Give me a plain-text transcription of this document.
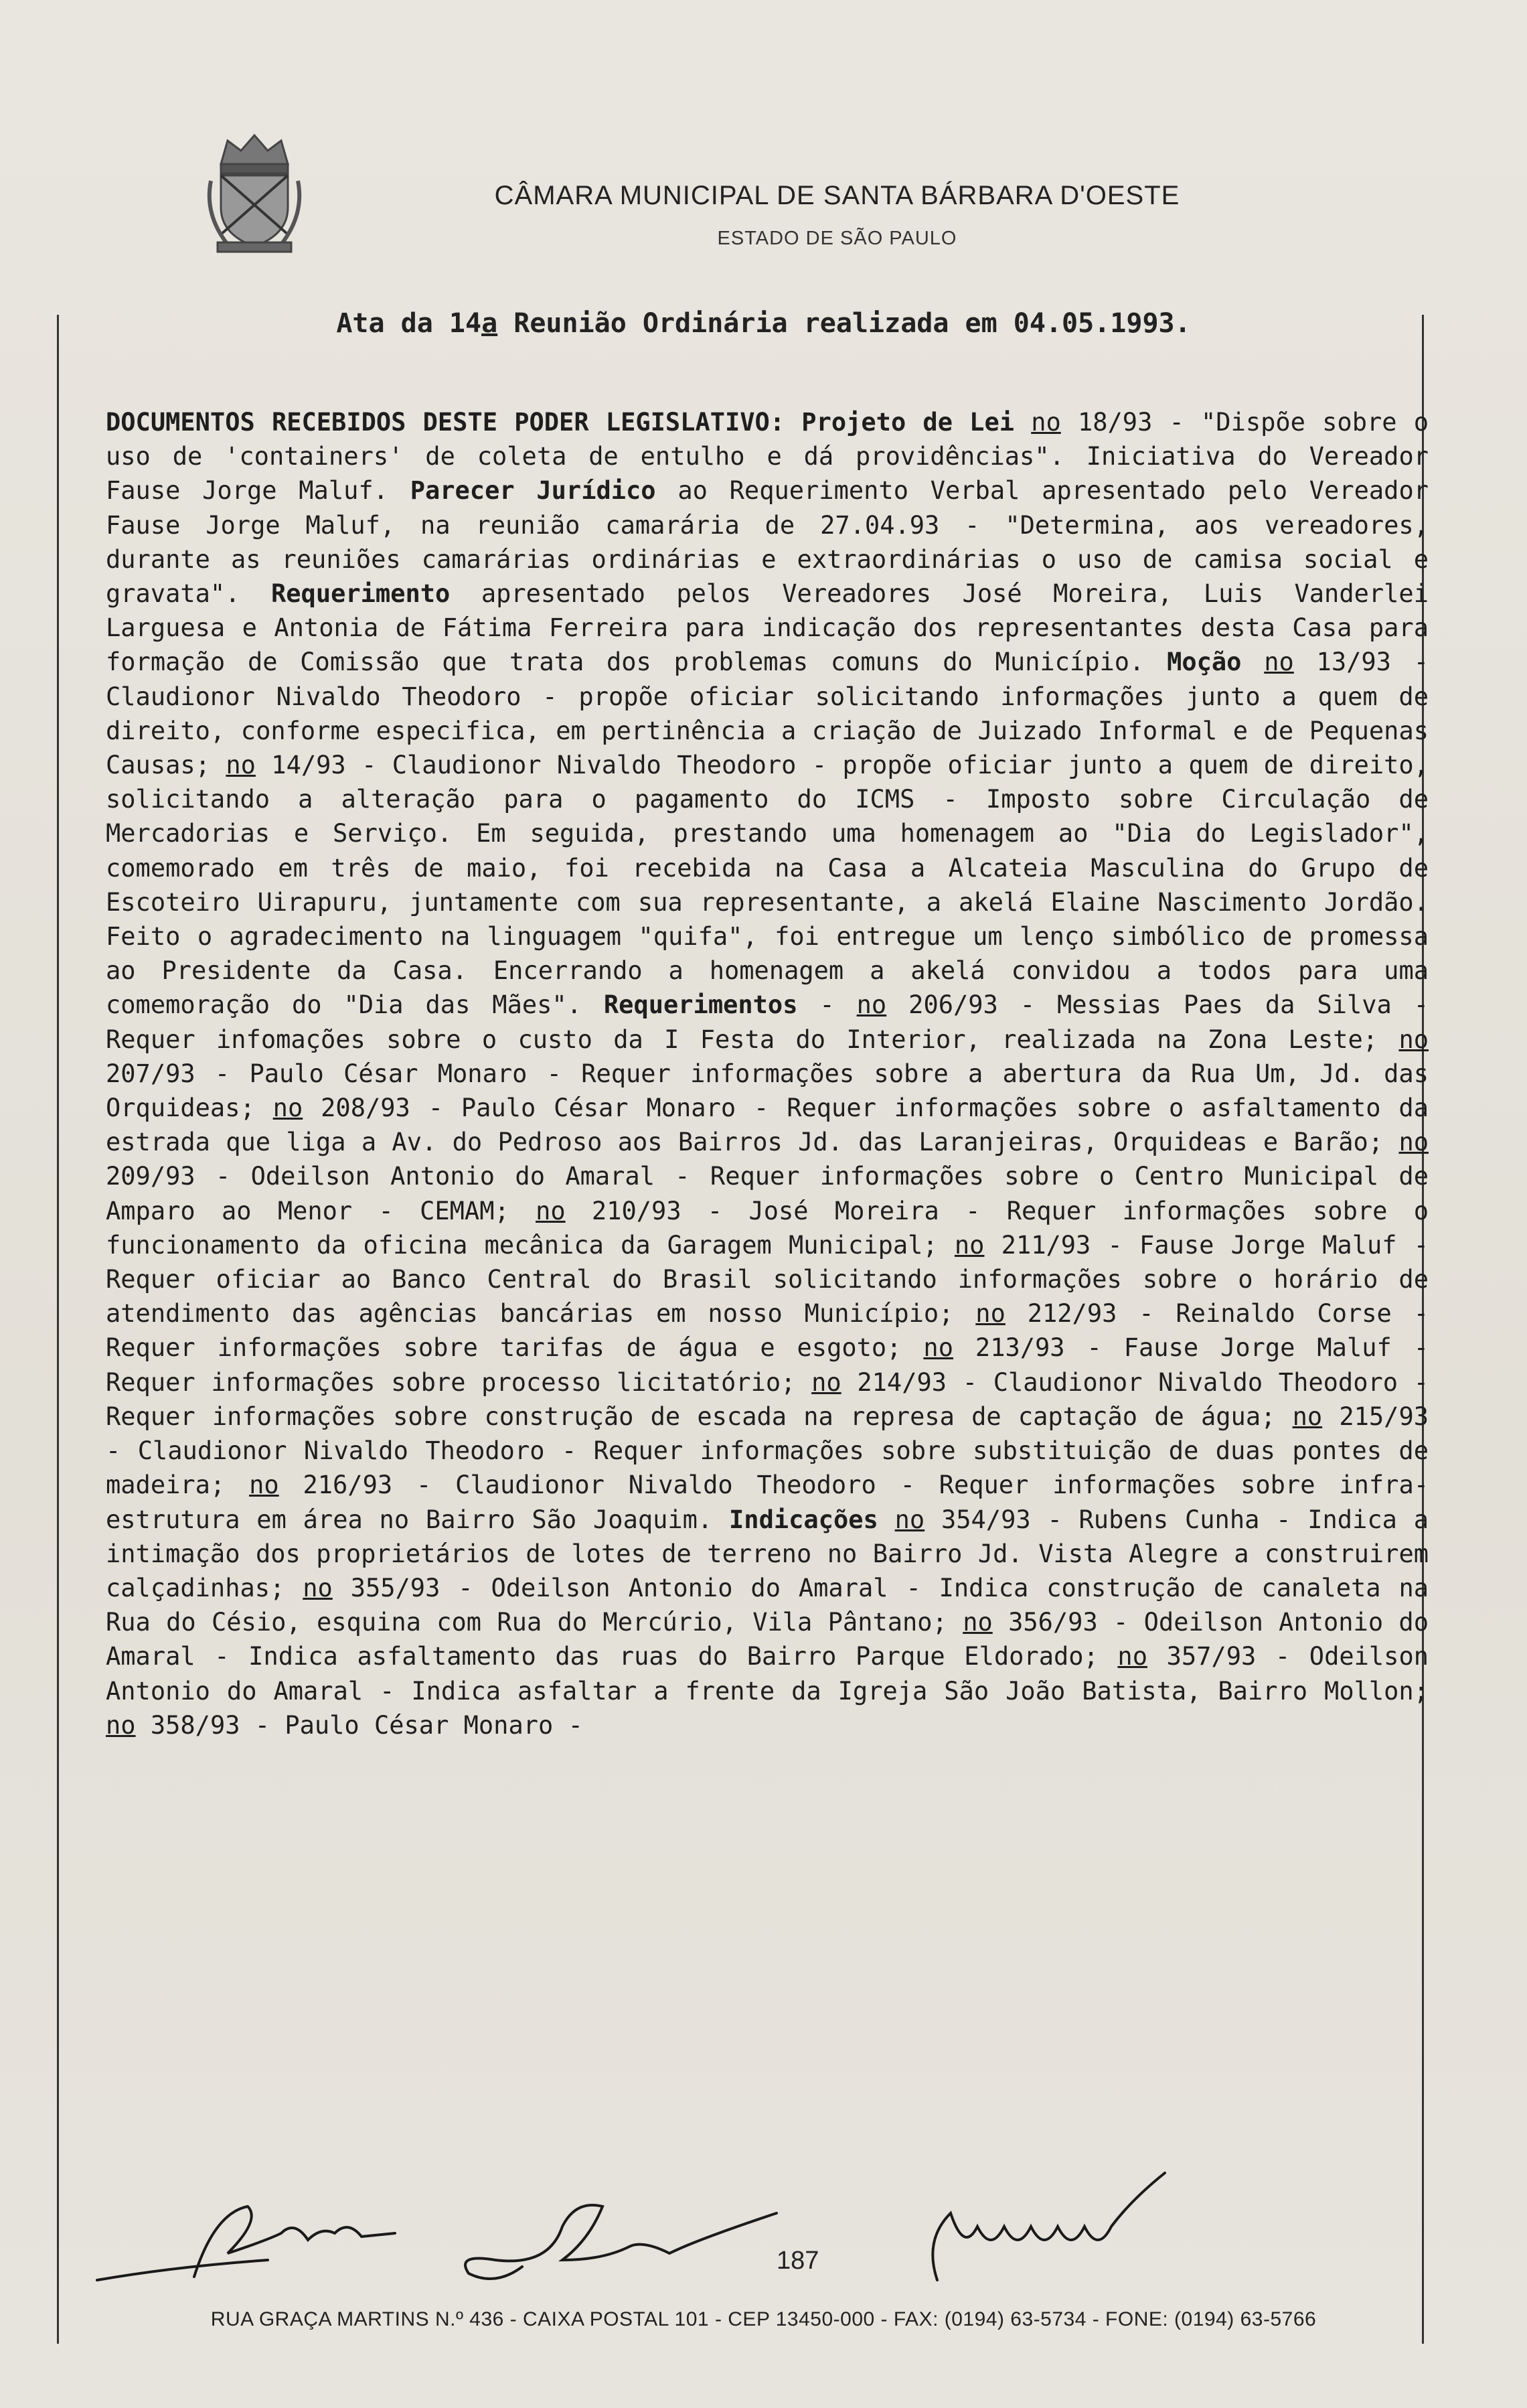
CÂMARA MUNICIPAL DE SANTA BÁRBARA D'OESTE
ESTADO DE SÃO PAULO
Ata da 14a Reunião Ordinária realizada em 04.05.1993.
DOCUMENTOS RECEBIDOS DESTE PODER LEGISLATIVO: Projeto de Lei no 18/93 - "Dispõe sobre o uso de 'containers' de coleta de entulho e dá providências". Iniciativa do Vereador Fause Jorge Maluf. Parecer Jurídico ao Requerimento Verbal apresentado pelo Vereador Fause Jorge Maluf, na reunião camarária de 27.04.93 - "Determina, aos vereadores, durante as reuniões camarárias ordinárias e extraordinárias o uso de camisa social e gravata". Requerimento apresentado pelos Vereadores José Moreira, Luis Vanderlei Larguesa e Antonia de Fátima Ferreira para indicação dos representantes desta Casa para formação de Comissão que trata dos problemas comuns do Município. Moção no 13/93 - Claudionor Nivaldo Theodoro - propõe oficiar solicitando informações junto a quem de direito, conforme especifica, em pertinência a criação de Juizado Informal e de Pequenas Causas; no 14/93 - Claudionor Nivaldo Theodoro - propõe oficiar junto a quem de direito, solicitando a alteração para o pagamento do ICMS - Imposto sobre Circulação de Mercadorias e Serviço. Em seguida, prestando uma homenagem ao "Dia do Legislador", comemorado em três de maio, foi recebida na Casa a Alcateia Masculina do Grupo de Escoteiro Uirapuru, juntamente com sua representante, a akelá Elaine Nascimento Jordão. Feito o agradecimento na linguagem "quifa", foi entregue um lenço simbólico de promessa ao Presidente da Casa. Encerrando a homenagem a akelá convidou a todos para uma comemoração do "Dia das Mães". Requerimentos - no 206/93 - Messias Paes da Silva - Requer infomações sobre o custo da I Festa do Interior, realizada na Zona Leste; no 207/93 - Paulo César Monaro - Requer informações sobre a abertura da Rua Um, Jd. das Orquideas; no 208/93 - Paulo César Monaro - Requer informações sobre o asfaltamento da estrada que liga a Av. do Pedroso aos Bairros Jd. das Laranjeiras, Orquideas e Barão; no 209/93 - Odeilson Antonio do Amaral - Requer informações sobre o Centro Municipal de Amparo ao Menor - CEMAM; no 210/93 - José Moreira - Requer informações sobre o funcionamento da oficina mecânica da Garagem Municipal; no 211/93 - Fause Jorge Maluf - Requer oficiar ao Banco Central do Brasil solicitando informações sobre o horário de atendimento das agências bancárias em nosso Município; no 212/93 - Reinaldo Corse - Requer informações sobre tarifas de água e esgoto; no 213/93 - Fause Jorge Maluf - Requer informações sobre processo licitatório; no 214/93 - Claudionor Nivaldo Theodoro - Requer informações sobre construção de escada na represa de captação de água; no 215/93 - Claudionor Nivaldo Theodoro - Requer informações sobre substituição de duas pontes de madeira; no 216/93 - Claudionor Nivaldo Theodoro - Requer informações sobre infra-estrutura em área no Bairro São Joaquim. Indicações no 354/93 - Rubens Cunha - Indica a intimação dos proprietários de lotes de terreno no Bairro Jd. Vista Alegre a construirem calçadinhas; no 355/93 - Odeilson Antonio do Amaral - Indica construção de canaleta na Rua do Césio, esquina com Rua do Mercúrio, Vila Pântano; no 356/93 - Odeilson Antonio do Amaral - Indica asfaltamento das ruas do Bairro Parque Eldorado; no 357/93 - Odeilson Antonio do Amaral - Indica asfaltar a frente da Igreja São João Batista, Bairro Mollon; no 358/93 - Paulo César Monaro -
187
RUA GRAÇA MARTINS N.º 436 - CAIXA POSTAL 101 - CEP 13450-000 - FAX: (0194) 63-5734 - FONE: (0194) 63-5766
